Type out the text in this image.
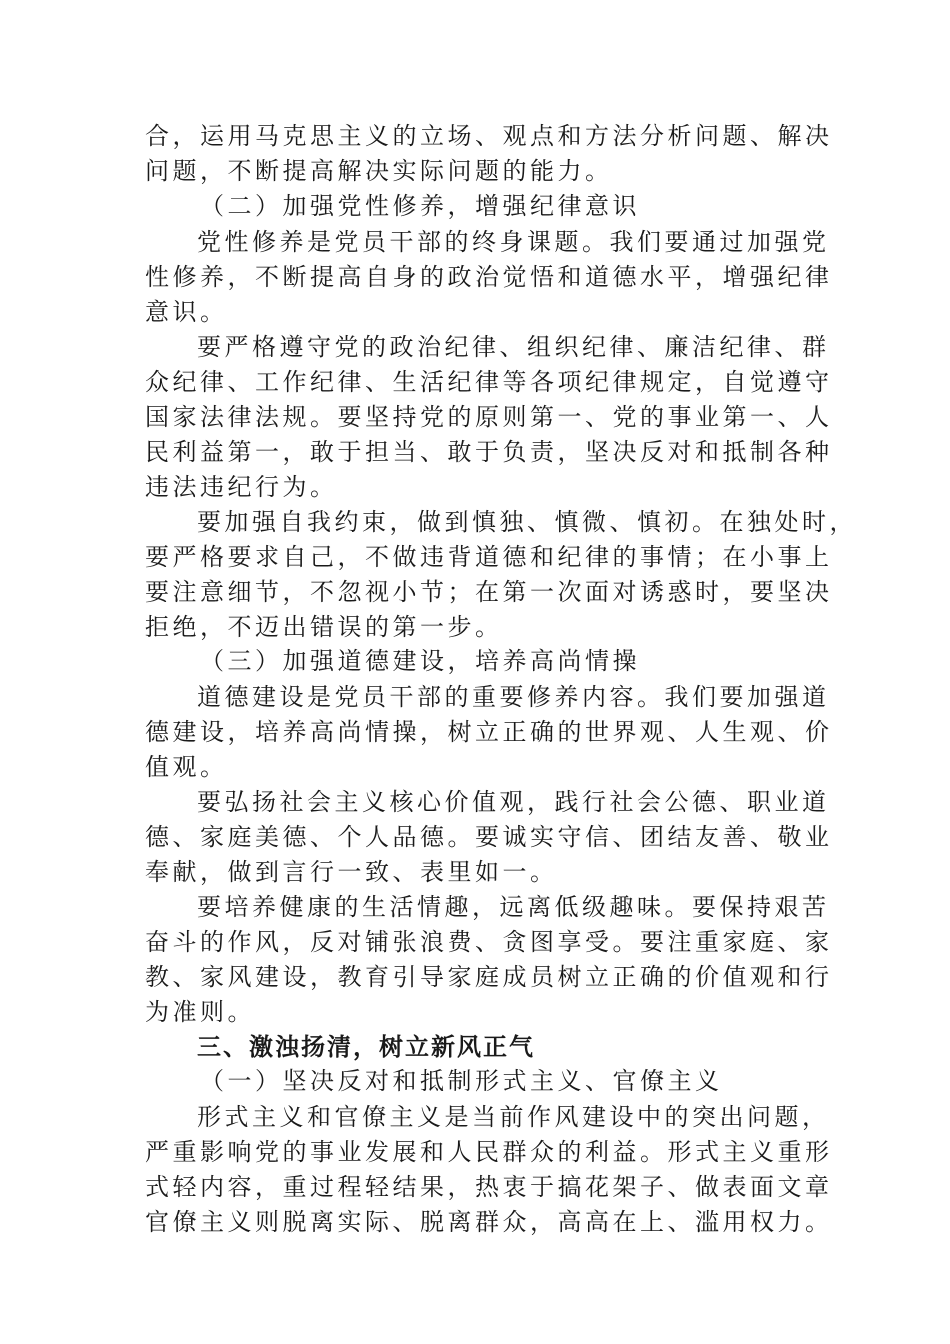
合，运用马克思主义的立场、观点和方法分析问题、解决
问题，不断提高解决实际问题的能力。
（二）加强党性修养，增强纪律意识
党性修养是党员干部的终身课题。我们要通过加强党
性修养，不断提高自身的政治觉悟和道德水平，增强纪律
意识。
要严格遵守党的政治纪律、组织纪律、廉洁纪律、群
众纪律、工作纪律、生活纪律等各项纪律规定，自觉遵守
国家法律法规。要坚持党的原则第一、党的事业第一、人
民利益第一，敢于担当、敢于负责，坚决反对和抵制各种
违法违纪行为。
要加强自我约束，做到慎独、慎微、慎初。在独处时，
要严格要求自己，不做违背道德和纪律的事情；在小事上
要注意细节，不忽视小节；在第一次面对诱惑时，要坚决
拒绝，不迈出错误的第一步。
（三）加强道德建设，培养高尚情操
道德建设是党员干部的重要修养内容。我们要加强道
德建设，培养高尚情操，树立正确的世界观、人生观、价
值观。
要弘扬社会主义核心价值观，践行社会公德、职业道
德、家庭美德、个人品德。要诚实守信、团结友善、敬业
奉献，做到言行一致、表里如一。
要培养健康的生活情趣，远离低级趣味。要保持艰苦
奋斗的作风，反对铺张浪费、贪图享受。要注重家庭、家
教、家风建设，教育引导家庭成员树立正确的价值观和行
为准则。
三、激浊扬清，树立新风正气
（一）坚决反对和抵制形式主义、官僚主义
形式主义和官僚主义是当前作风建设中的突出问题，
严重影响党的事业发展和人民群众的利益。形式主义重形
式轻内容，重过程轻结果，热衷于搞花架子、做表面文章
官僚主义则脱离实际、脱离群众，高高在上、滥用权力。
